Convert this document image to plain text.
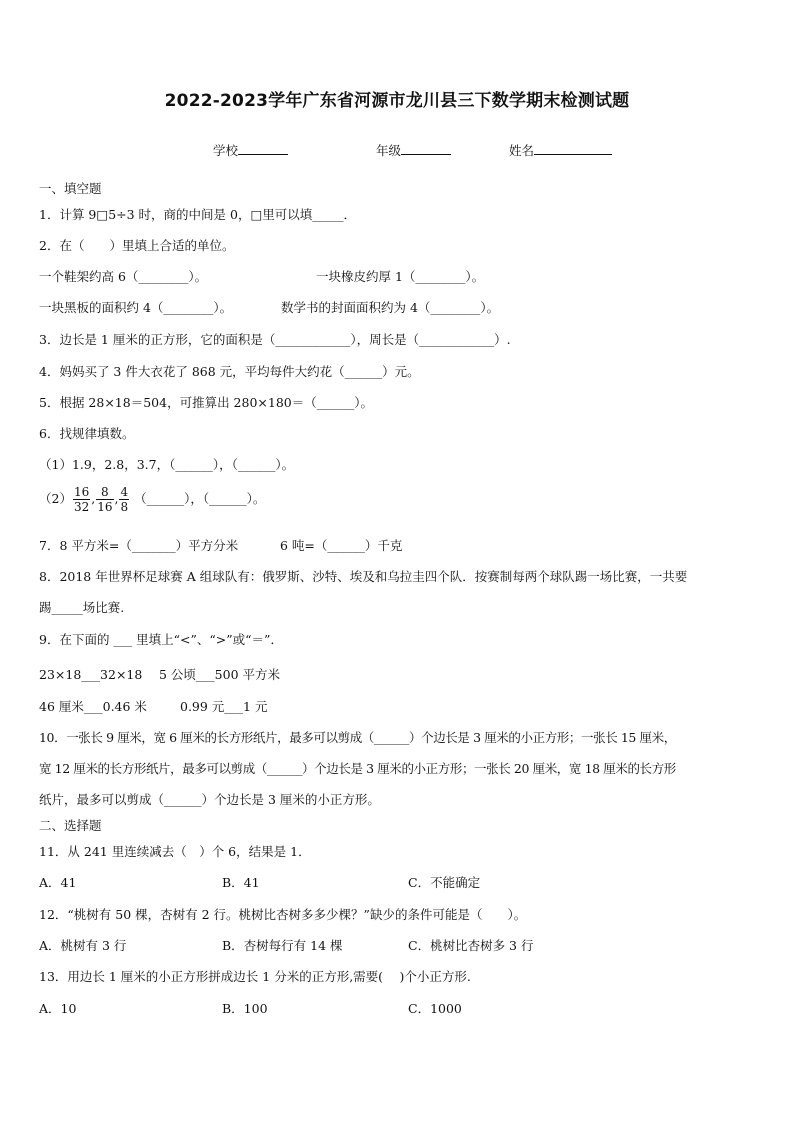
2022-2023学年广东省河源市龙川县三下数学期末检测试题
学校	年级	姓名
一、填空题
1．计算 9□5÷3 时，商的中间是 0，□里可以填_____．
2．在（　　）里填上合适的单位。
一个鞋架约高 6（________）。	一块橡皮约厚 1（________）。
一块黑板的面积约 4（________）。	数学书的封面面积约为 4（________）。
3．边长是 1 厘米的正方形，它的面积是（____________），周长是（____________）.
4．妈妈买了 3 件大衣花了 868 元，平均每件大约花（______）元。
5．根据 28×18＝504，可推算出 280×180＝（______）。
6．找规律填数。
（1）1.9，2.8，3.7，（______），（______）。
$(2) \frac{16}{32}$ , $\frac{8}{16}$ , $\frac{4}{8}$ （______），（______）。
7．8 平方米=（_______）平方分米	6 吨=（______）千克
8．2018 年世界杯足球赛 A 组球队有：俄罗斯、沙特、埃及和乌拉圭四个队．按赛制每两个球队踢一场比赛，一共要
踢_____场比赛.
9．在下面的 ___ 里填上“<”、“>”或“＝”．
23×18___32×18 5 公顷___500 平方米
46 厘米___0.46 米	0.99 元___1 元
10．一张长 9 厘米，宽 6 厘米的长方形纸片，最多可以剪成（______）个边长是 3 厘米的小正方形；一张长 15 厘米，
宽 12 厘米的长方形纸片，最多可以剪成（______）个边长是 3 厘米的小正方形；一张长 20 厘米，宽 18 厘米的长方形
纸片，最多可以剪成（______）个边长是 3 厘米的小正方形。
二、选择题
11．从 241 里连续减去（　）个 6，结果是 1．
A．41	B．41	C．不能确定
12．“桃树有 50 棵，杏树有 2 行。桃树比杏树多多少棵？”缺少的条件可能是（　　）。
A．桃树有 3 行	B．杏树每行有 14 棵	C．桃树比杏树多 3 行
13．用边长 1 厘米的小正方形拼成边长 1 分米的正方形,需要(　 )个小正方形.
A．10	B．100	C．1000
